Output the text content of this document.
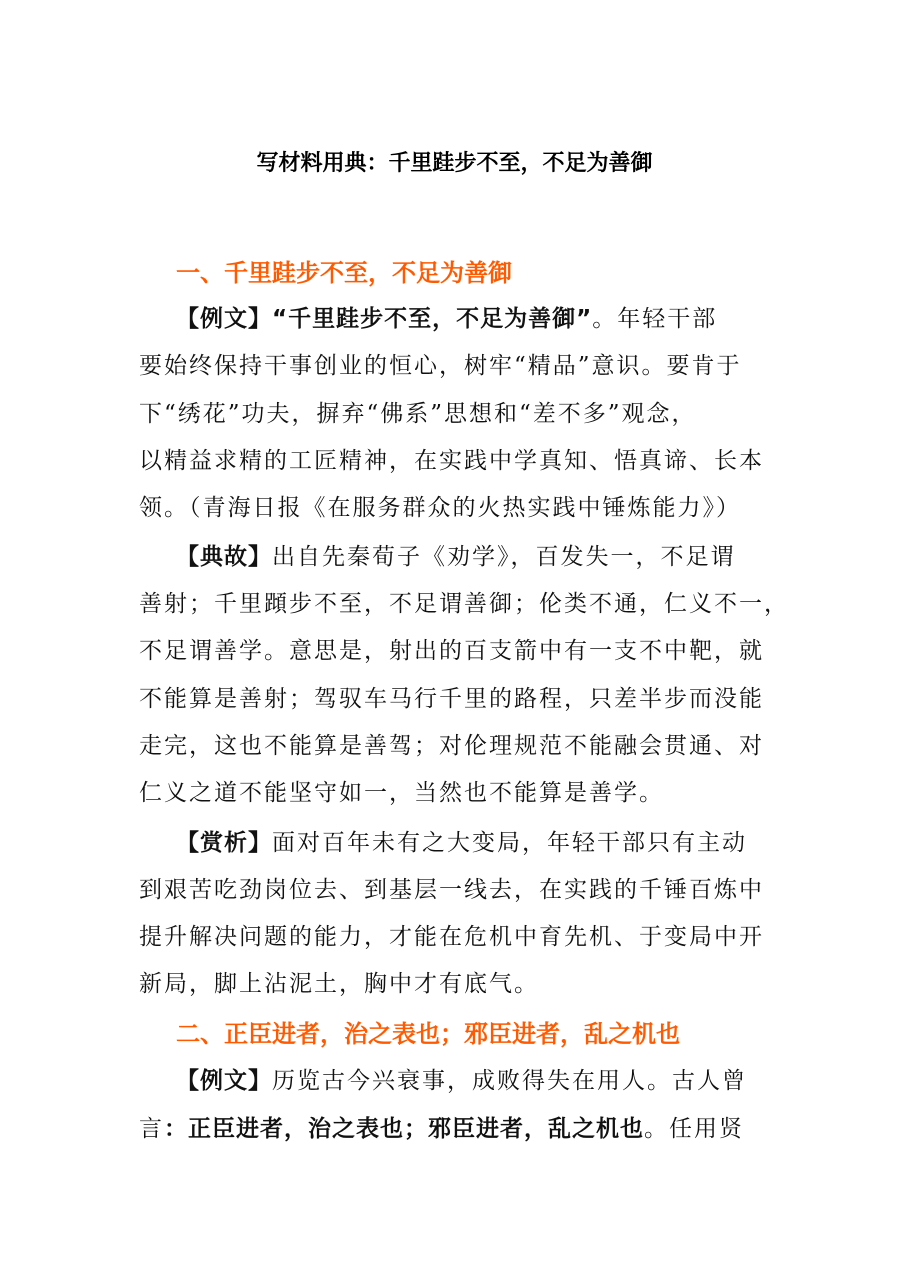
写材料用典：千里跬步不至，不足为善御
一、千里跬步不至，不足为善御
【例文】“千里跬步不至，不足为善御”。年轻干部
要始终保持干事创业的恒心，树牢“精品”意识。要肯于
下“绣花”功夫，摒弃“佛系”思想和“差不多”观念，
以精益求精的工匠精神，在实践中学真知、悟真谛、长本
领。（青海日报《在服务群众的火热实践中锤炼能力》）
【典故】出自先秦荀子《劝学》，百发失一，不足谓
善射；千里蹞步不至，不足谓善御；伦类不通，仁义不一，
不足谓善学。意思是，射出的百支箭中有一支不中靶，就
不能算是善射；驾驭车马行千里的路程，只差半步而没能
走完，这也不能算是善驾；对伦理规范不能融会贯通、对
仁义之道不能坚守如一，当然也不能算是善学。
【赏析】面对百年未有之大变局，年轻干部只有主动
到艰苦吃劲岗位去、到基层一线去，在实践的千锤百炼中
提升解决问题的能力，才能在危机中育先机、于变局中开
新局，脚上沾泥土，胸中才有底气。
二、正臣进者，治之表也；邪臣进者，乱之机也
【例文】历览古今兴衰事，成败得失在用人。古人曾
言：正臣进者，治之表也；邪臣进者，乱之机也。任用贤
